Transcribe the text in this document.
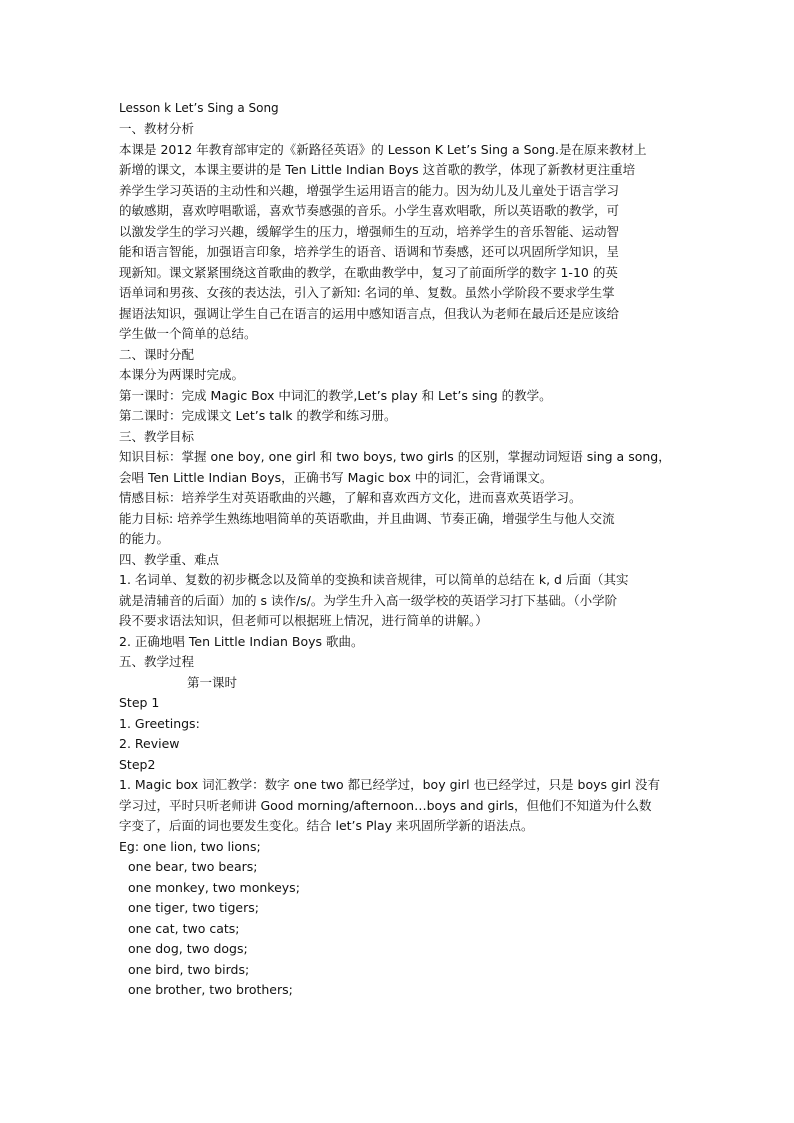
Lesson k Let’s Sing a Song
一、教材分析
本课是 2012 年教育部审定的《新路径英语》的 Lesson K Let’s Sing a Song.是在原来教材上
新增的课文，本课主要讲的是 Ten Little Indian Boys 这首歌的教学，体现了新教材更注重培
养学生学习英语的主动性和兴趣，增强学生运用语言的能力。因为幼儿及儿童处于语言学习
的敏感期，喜欢哼唱歌谣，喜欢节奏感强的音乐。小学生喜欢唱歌，所以英语歌的教学，可
以激发学生的学习兴趣，缓解学生的压力，增强师生的互动，培养学生的音乐智能、运动智
能和语言智能，加强语言印象，培养学生的语音、语调和节奏感，还可以巩固所学知识，呈
现新知。课文紧紧围绕这首歌曲的教学，在歌曲教学中，复习了前面所学的数字 1-10 的英
语单词和男孩、女孩的表达法，引入了新知: 名词的单、复数。虽然小学阶段不要求学生掌
握语法知识，强调让学生自己在语言的运用中感知语言点，但我认为老师在最后还是应该给
学生做一个简单的总结。
二、课时分配
本课分为两课时完成。
第一课时：完成 Magic Box 中词汇的教学,Let’s play 和 Let’s sing 的教学。
第二课时：完成课文 Let’s talk 的教学和练习册。
三、教学目标
知识目标：掌握 one boy, one girl 和 two boys, two girls 的区别，掌握动词短语 sing a song，
会唱 Ten Little Indian Boys，正确书写 Magic box 中的词汇，会背诵课文。
情感目标：培养学生对英语歌曲的兴趣，了解和喜欢西方文化，进而喜欢英语学习。
能力目标: 培养学生熟练地唱简单的英语歌曲，并且曲调、节奏正确，增强学生与他人交流
的能力。
四、教学重、难点
1. 名词单、复数的初步概念以及简单的变换和读音规律，可以简单的总结在 k, d 后面（其实
就是清辅音的后面）加的 s 读作/s/。为学生升入高一级学校的英语学习打下基础。（小学阶
段不要求语法知识，但老师可以根据班上情况，进行简单的讲解。）
2. 正确地唱 Ten Little Indian Boys 歌曲。
五、教学过程
第一课时
Step 1
1. Greetings:
2. Review
Step2
1. Magic box 词汇教学：数字 one two 都已经学过，boy girl 也已经学过，只是 boys girl 没有
学习过，平时只听老师讲 Good morning/afternoon…boys and girls，但他们不知道为什么数
字变了，后面的词也要发生变化。结合 let’s Play 来巩固所学新的语法点。
Eg: one lion, two lions;
one bear, two bears;
one monkey, two monkeys;
one tiger, two tigers;
one cat, two cats;
one dog, two dogs;
one bird, two birds;
one brother, two brothers;
